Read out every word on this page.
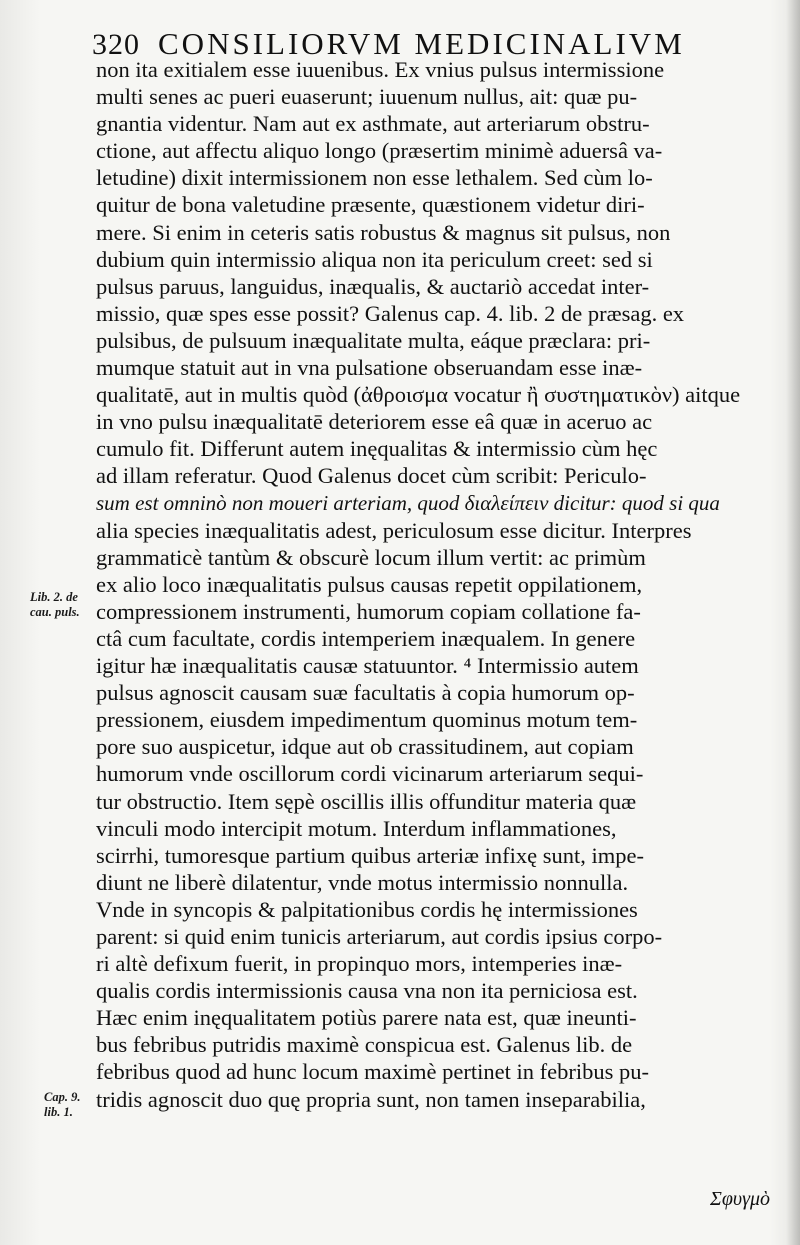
320 CONSILIORVM MEDICINALIVM
Lib. 2. de
cau. puls.
Cap. 9.
lib. 1.
non ita exitialem esse iuuenibus. Ex vnius pulsus intermissione
multi senes ac pueri euaserunt; iuuenum nullus, ait: quæ pu-
gnantia videntur. Nam aut ex asthmate, aut arteriarum obstru-
ctione, aut affectu aliquo longo (præsertim minimè aduersâ va-
letudine) dixit intermissionem non esse lethalem. Sed cùm lo-
quitur de bona valetudine præsente, quæstionem videtur diri-
mere. Si enim in ceteris satis robustus & magnus sit pulsus, non
dubium quin intermissio aliqua non ita periculum creet: sed si
pulsus paruus, languidus, inæqualis, & auctariò accedat inter-
missio, quæ spes esse possit? Galenus cap. 4. lib. 2 de præsag. ex
pulsibus, de pulsuum inæqualitate multa, eáque præclara: pri-
mumque statuit aut in vna pulsatione obseruandam esse inæ-
qualitatē, aut in multis quòd (ἀθροισμα vocatur ἢ συστηματικὸν) aitque
in vno pulsu inæqualitatē deteriorem esse eâ quæ in aceruo ac
cumulo fit. Differunt autem inęqualitas & intermissio cùm hęc
ad illam referatur. Quod Galenus docet cùm scribit: Periculo-
sum est omninò non moueri arteriam, quod διαλείπειν dicitur: quod si qua
alia species inæqualitatis adest, periculosum esse dicitur. Interpres
grammaticè tantùm & obscurè locum illum vertit: ac primùm
ex alio loco inæqualitatis pulsus causas repetit oppilationem,
compressionem instrumenti, humorum copiam collatione fa-
ctâ cum facultate, cordis intemperiem inæqualem. In genere
igitur hæ inæqualitatis causæ statuuntor. ⁴ Intermissio autem
pulsus agnoscit causam suæ facultatis à copia humorum op-
pressionem, eiusdem impedimentum quominus motum tem-
pore suo auspicetur, idque aut ob crassitudinem, aut copiam
humorum vnde oscillorum cordi vicinarum arteriarum sequi-
tur obstructio. Item sępè oscillis illis offunditur materia quæ
vinculi modo intercipit motum. Interdum inflammationes,
scirrhi, tumoresque partium quibus arteriæ infixę sunt, impe-
diunt ne liberè dilatentur, vnde motus intermissio nonnulla.
Vnde in syncopis & palpitationibus cordis hę intermissiones
parent: si quid enim tunicis arteriarum, aut cordis ipsius corpo-
ri altè defixum fuerit, in propinquo mors, intemperies inæ-
qualis cordis intermissionis causa vna non ita perniciosa est.
Hæc enim inęqualitatem potiùs parere nata est, quæ ineunti-
bus febribus putridis maximè conspicua est. Galenus lib. de
febribus quod ad hunc locum maximè pertinet in febribus pu-
tridis agnoscit duo quę propria sunt, non tamen inseparabilia,
Σφυγμὸ
